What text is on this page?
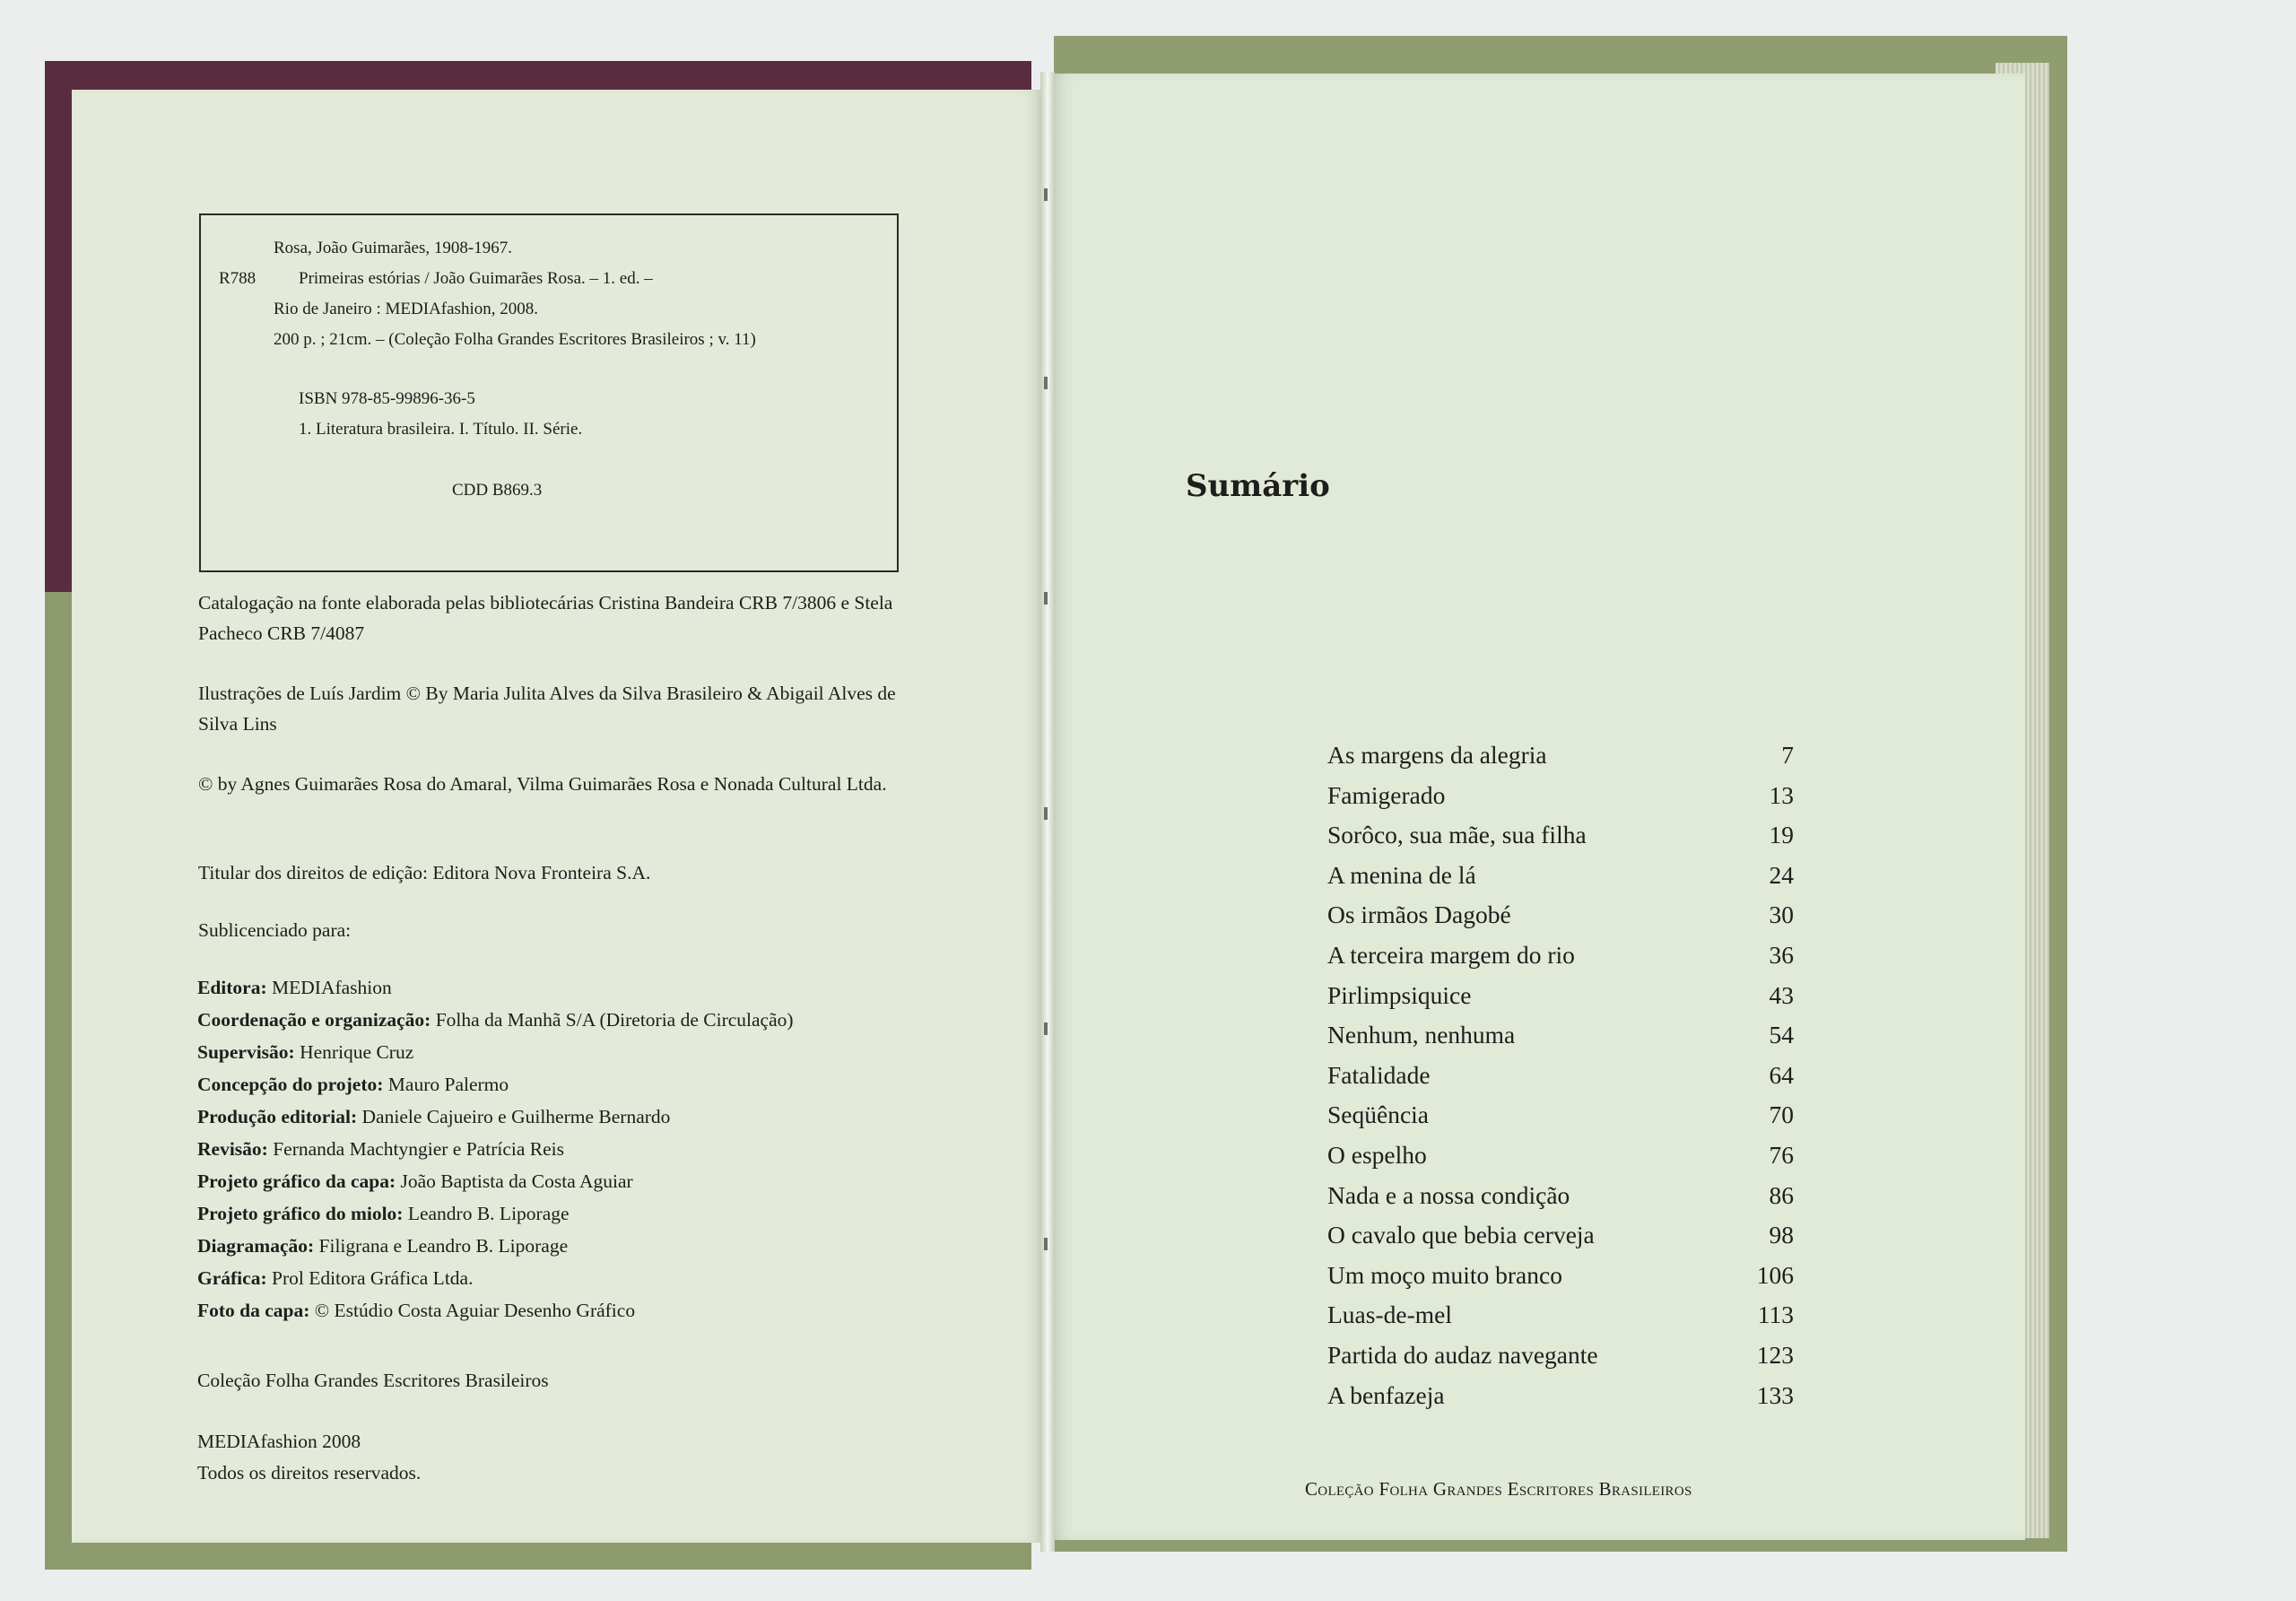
Rosa, João Guimarães, 1908-1967.
R788	Primeiras estórias / João Guimarães Rosa. – 1. ed. –
Rio de Janeiro : MEDIAfashion, 2008.
200 p. ; 21cm. – (Coleção Folha Grandes Escritores Brasileiros ; v. 11)
ISBN 978-85-99896-36-5
1. Literatura brasileira. I. Título. II. Série.
CDD B869.3
Catalogação na fonte elaborada pelas bibliotecárias Cristina Bandeira CRB 7/3806 e Stela Pacheco CRB 7/4087
Ilustrações de Luís Jardim © By Maria Julita Alves da Silva Brasileiro & Abigail Alves de Silva Lins
© by Agnes Guimarães Rosa do Amaral, Vilma Guimarães Rosa e Nonada Cultural Ltda.
Titular dos direitos de edição: Editora Nova Fronteira S.A.
Sublicenciado para:
Editora: MEDIAfashion
Coordenação e organização: Folha da Manhã S/A (Diretoria de Circulação)
Supervisão: Henrique Cruz
Concepção do projeto: Mauro Palermo
Produção editorial: Daniele Cajueiro e Guilherme Bernardo
Revisão: Fernanda Machtyngier e Patrícia Reis
Projeto gráfico da capa: João Baptista da Costa Aguiar
Projeto gráfico do miolo: Leandro B. Liporage
Diagramação: Filigrana e Leandro B. Liporage
Gráfica: Prol Editora Gráfica Ltda.
Foto da capa: © Estúdio Costa Aguiar Desenho Gráfico
Coleção Folha Grandes Escritores Brasileiros
MEDIAfashion 2008
Todos os direitos reservados.
Sumário
As margens da alegria	7
Famigerado	13
Sorôco, sua mãe, sua filha	19
A menina de lá	24
Os irmãos Dagobé	30
A terceira margem do rio	36
Pirlimpsiquice	43
Nenhum, nenhuma	54
Fatalidade	64
Seqüência	70
O espelho	76
Nada e a nossa condição	86
O cavalo que bebia cerveja	98
Um moço muito branco	106
Luas-de-mel	113
Partida do audaz navegante	123
A benfazeja	133
Coleção Folha Grandes Escritores Brasileiros
